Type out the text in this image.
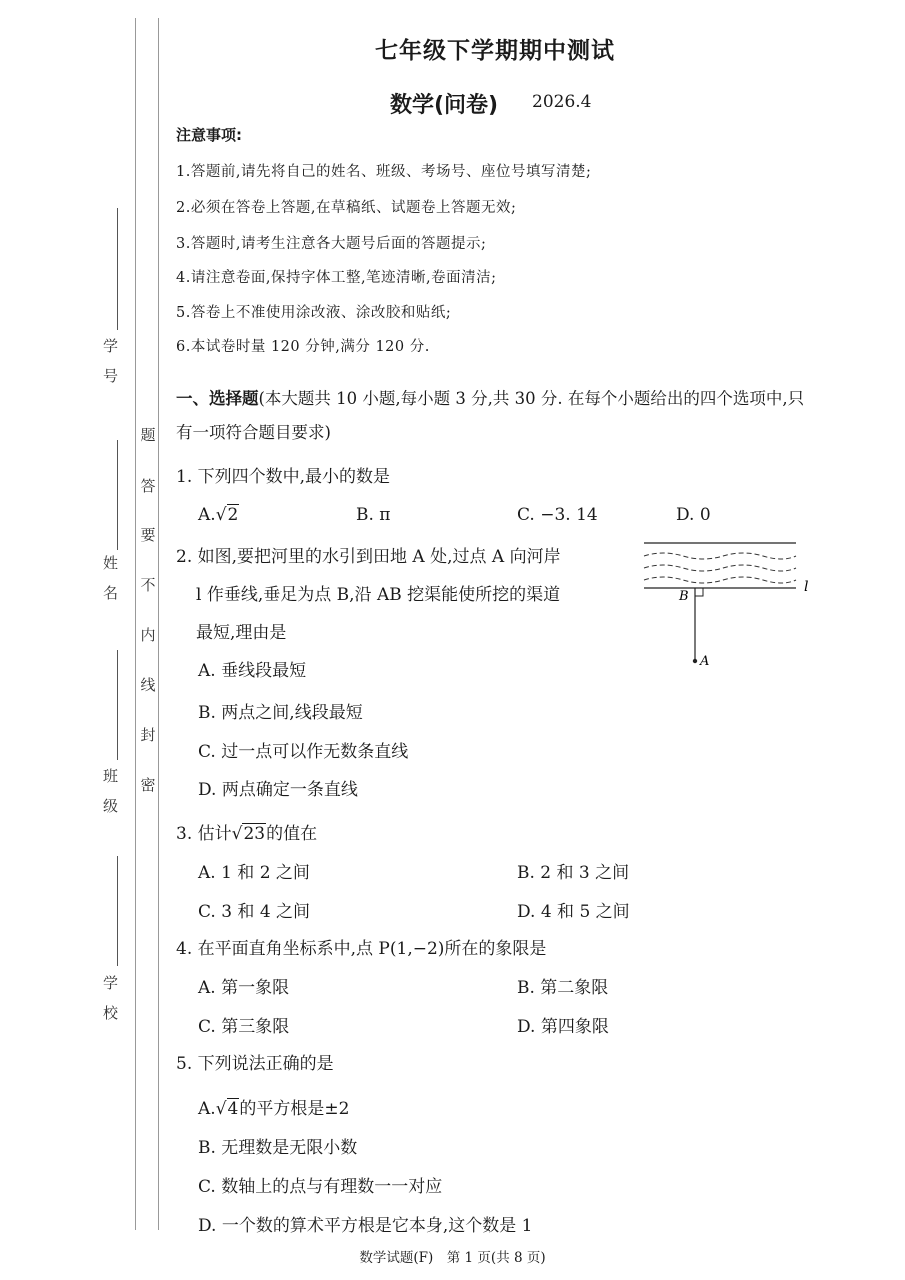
学　号
姓　名
班　级
学　校
题
答
要
不
内
线
封
密
七年级下学期期中测试
数学(问卷) 2026.4
注意事项:
1.答题前,请先将自己的姓名、班级、考场号、座位号填写清楚;
2.必须在答卷上答题,在草稿纸、试题卷上答题无效;
3.答题时,请考生注意各大题号后面的答题提示;
4.请注意卷面,保持字体工整,笔迹清晰,卷面清洁;
5.答卷上不准使用涂改液、涂改胶和贴纸;
6.本试卷时量 120 分钟,满分 120 分.
一、选择题(本大题共 10 小题,每小题 3 分,共 30 分. 在每个小题给出的四个选项中,只有一项符合题目要求)
1. 下列四个数中,最小的数是
A.√2	B. π	C. −3. 14	D. 0
2. 如图,要把河里的水引到田地 A 处,过点 A 向河岸
l 作垂线,垂足为点 B,沿 AB 挖渠能使所挖的渠道
最短,理由是
l
B
A
A. 垂线段最短
B. 两点之间,线段最短
C. 过一点可以作无数条直线
D. 两点确定一条直线
3. 估计√23的值在
A. 1 和 2 之间	B. 2 和 3 之间
C. 3 和 4 之间	D. 4 和 5 之间
4. 在平面直角坐标系中,点 P(1,−2)所在的象限是
A. 第一象限	B. 第二象限
C. 第三象限	D. 第四象限
5. 下列说法正确的是
A.√4的平方根是±2
B. 无理数是无限小数
C. 数轴上的点与有理数一一对应
D. 一个数的算术平方根是它本身,这个数是 1
数学试题(F)　第 1 页(共 8 页)
